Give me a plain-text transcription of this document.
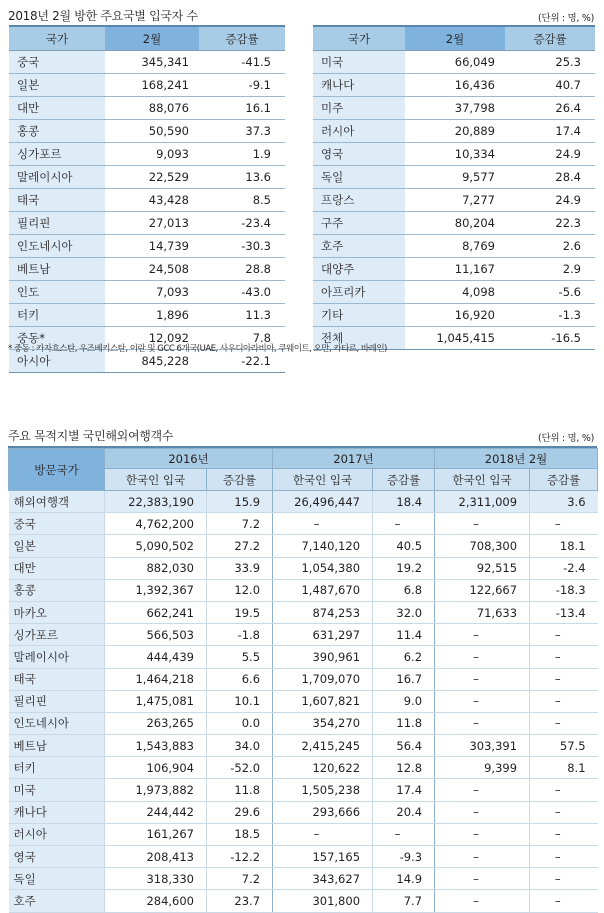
2018년 2월 방한 주요국별 입국자 수	(단위 : 명, %)
국가	2월	증감률
중국	345,341	-41.5
일본	168,241	-9.1
대만	88,076	16.1
홍콩	50,590	37.3
싱가포르	9,093	1.9
말레이시아	22,529	13.6
태국	43,428	8.5
필리핀	27,013	-23.4
인도네시아	14,739	-30.3
베트남	24,508	28.8
인도	7,093	-43.0
터키	1,896	11.3
중동*	12,092	7.8
아시아	845,228	-22.1
국가	2월	증감률
미국	66,049	25.3
캐나다	16,436	40.7
미주	37,798	26.4
러시아	20,889	17.4
영국	10,334	24.9
독일	9,577	28.4
프랑스	7,277	24.9
구주	80,204	22.3
호주	8,769	2.6
대양주	11,167	2.9
아프리카	4,098	-5.6
기타	16,920	-1.3
전체	1,045,415	-16.5
* 중동 : 카자흐스탄, 우즈베키스탄, 이란 및 GCC 6개국(UAE, 사우디아라비아, 쿠웨이트, 오만, 카타르, 바레인)
주요 목적지별 국민해외여행객수	(단위 : 명, %)
방문국가	2016년		2017년		2018년 2월	
	한국인 입국	증감률	한국인 입국	증감률	한국인 입국	증감률
해외여행객	22,383,190	15.9	26,496,447	18.4	2,311,009	3.6
중국	4,762,200	7.2	–	–	–	–
일본	5,090,502	27.2	7,140,120	40.5	708,300	18.1
대만	882,030	33.9	1,054,380	19.2	92,515	-2.4
홍콩	1,392,367	12.0	1,487,670	6.8	122,667	-18.3
마카오	662,241	19.5	874,253	32.0	71,633	-13.4
싱가포르	566,503	-1.8	631,297	11.4	–	–
말레이시아	444,439	5.5	390,961	6.2	–	–
태국	1,464,218	6.6	1,709,070	16.7	–	–
필리핀	1,475,081	10.1	1,607,821	9.0	–	–
인도네시아	263,265	0.0	354,270	11.8	–	–
베트남	1,543,883	34.0	2,415,245	56.4	303,391	57.5
터키	106,904	-52.0	120,622	12.8	9,399	8.1
미국	1,973,882	11.8	1,505,238	17.4	–	–
캐나다	244,442	29.6	293,666	20.4	–	–
러시아	161,267	18.5	–	–	–	–
영국	208,413	-12.2	157,165	-9.3	–	–
독일	318,330	7.2	343,627	14.9	–	–
호주	284,600	23.7	301,800	7.7	–	–
